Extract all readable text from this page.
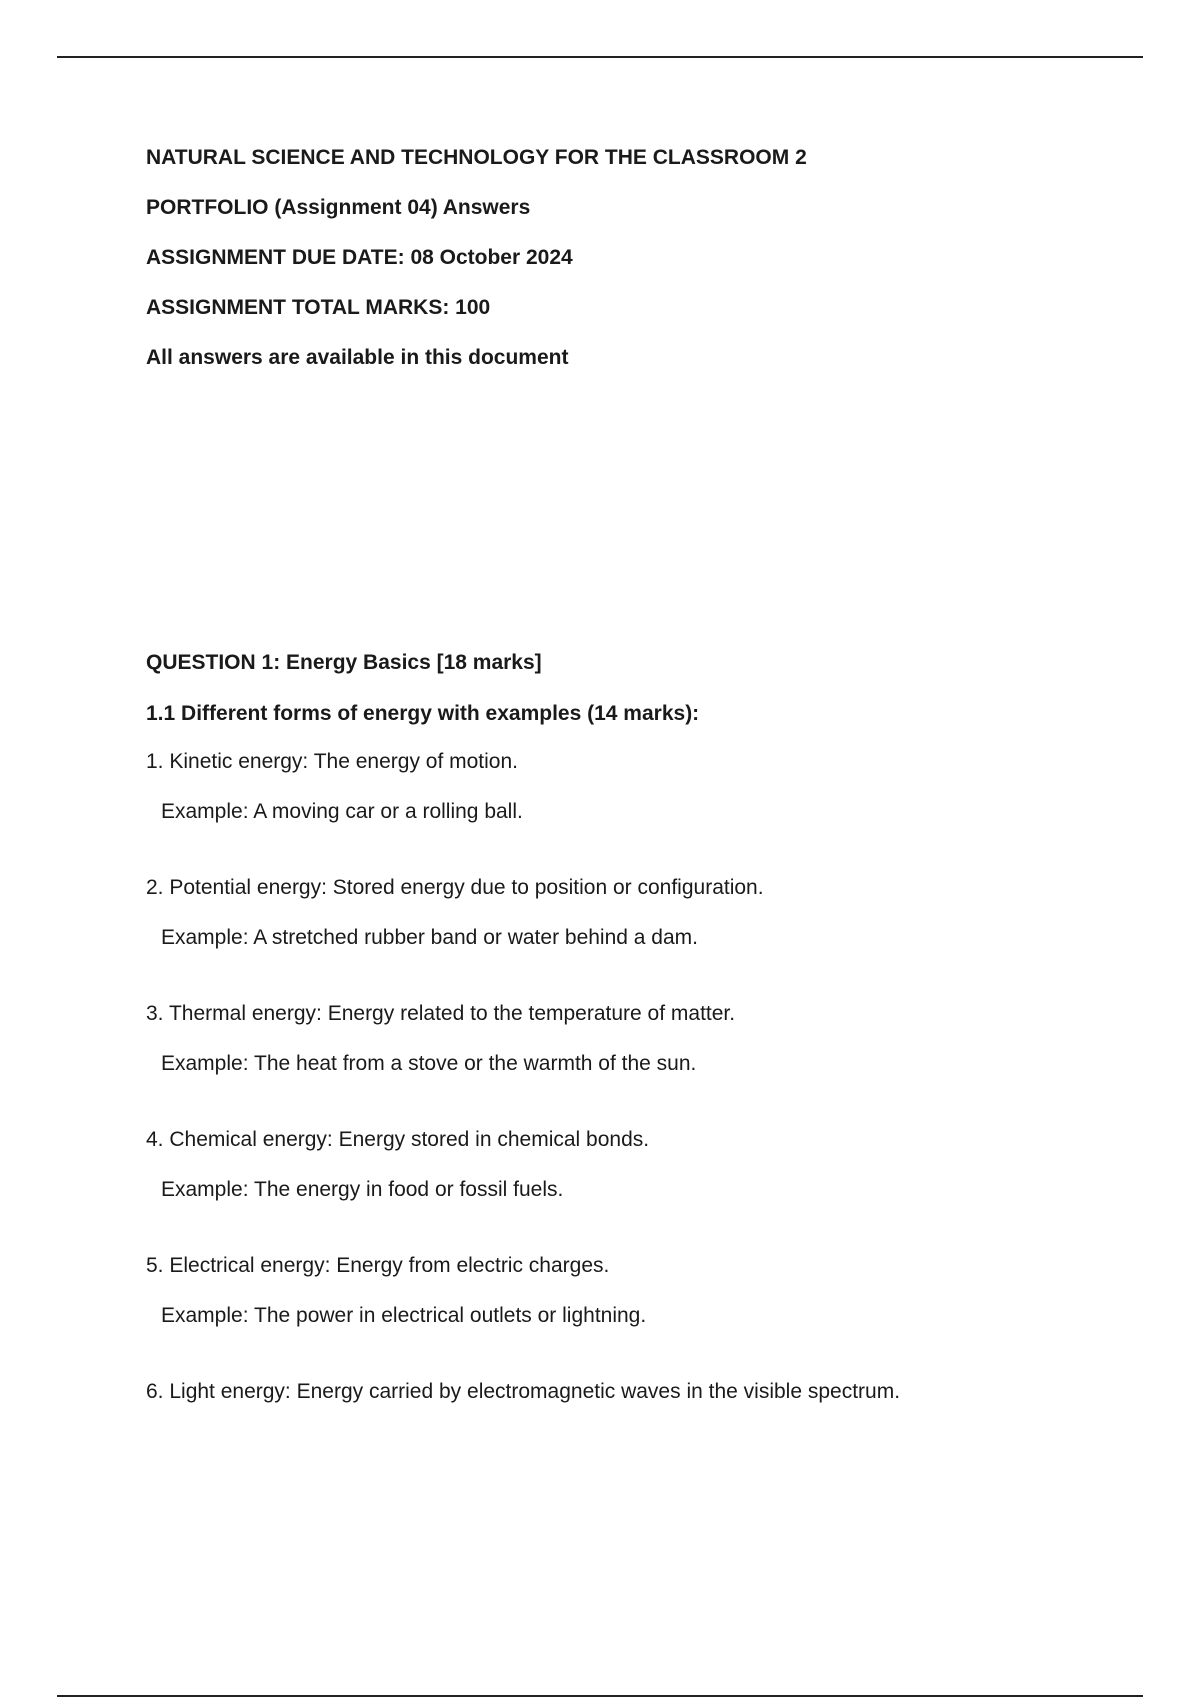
NATURAL SCIENCE AND TECHNOLOGY FOR THE CLASSROOM 2
PORTFOLIO (Assignment 04) Answers
ASSIGNMENT DUE DATE: 08 October 2024
ASSIGNMENT TOTAL MARKS: 100
All answers are available in this document
QUESTION 1: Energy Basics [18 marks]
1.1 Different forms of energy with examples (14 marks):
1. Kinetic energy: The energy of motion.
Example: A moving car or a rolling ball.
2. Potential energy: Stored energy due to position or configuration.
Example: A stretched rubber band or water behind a dam.
3. Thermal energy: Energy related to the temperature of matter.
Example: The heat from a stove or the warmth of the sun.
4. Chemical energy: Energy stored in chemical bonds.
Example: The energy in food or fossil fuels.
5. Electrical energy: Energy from electric charges.
Example: The power in electrical outlets or lightning.
6. Light energy: Energy carried by electromagnetic waves in the visible spectrum.
